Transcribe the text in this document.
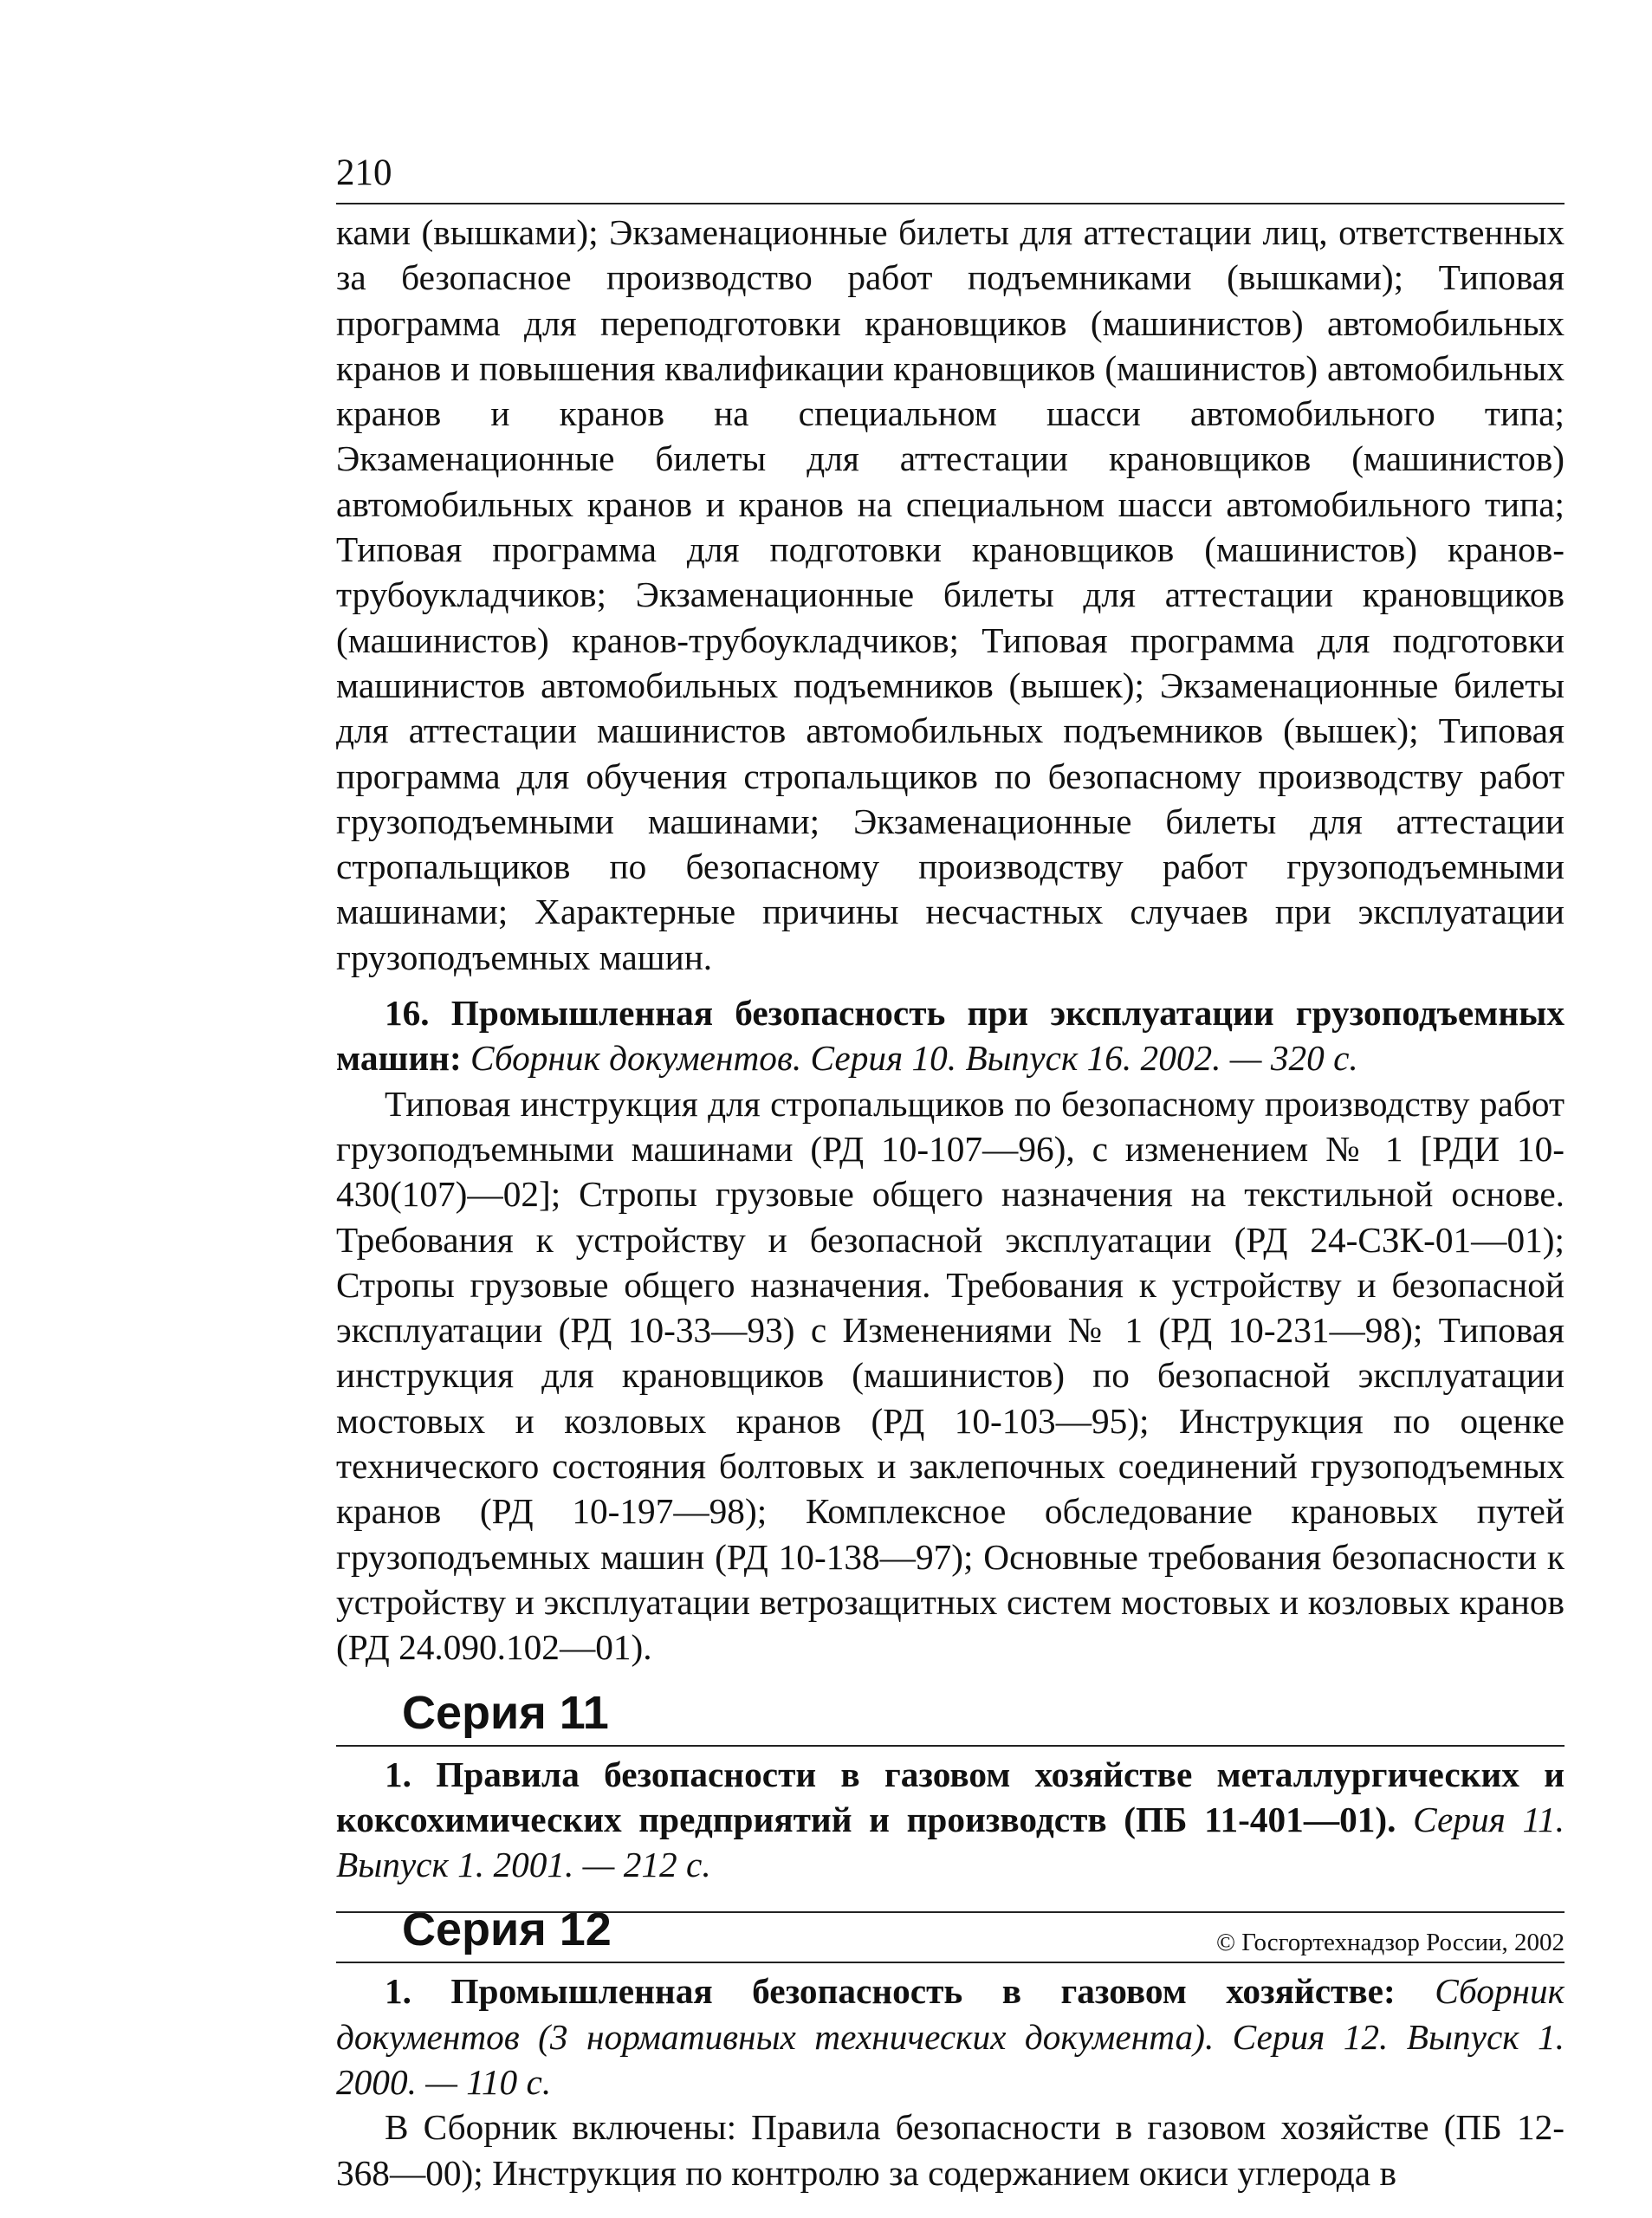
210

ками (вышками); Экзаменационные билеты для аттестации лиц, ответственных за безопасное производство работ подъемниками (вышками); Типовая программа для переподготовки крановщиков (машинистов) автомобильных кранов и повышения квалификации крановщиков (машинистов) автомобильных кранов и кранов на специальном шасси автомобильного типа; Экзаменационные билеты для аттестации крановщиков (машинистов) автомобильных кранов и кранов на специальном шасси автомобильного типа; Типовая программа для подготовки крановщиков (машинистов) кранов-трубоукладчиков; Экзаменационные билеты для аттестации крановщиков (машинистов) кранов-трубоукладчиков; Типовая программа для подготовки машинистов автомобильных подъемников (вышек); Экзаменационные билеты для аттестации машинистов автомобильных подъемников (вышек); Типовая программа для обучения стропальщиков по безопасному производству работ грузоподъемными машинами; Экзаменационные билеты для аттестации стропальщиков по безопасному производству работ грузоподъемными машинами; Характерные причины несчастных случаев при эксплуатации грузоподъемных машин.

16. Промышленная безопасность при эксплуатации грузоподъемных машин: Сборник документов. Серия 10. Выпуск 16. 2002. — 320 с.

Типовая инструкция для стропальщиков по безопасному производству работ грузоподъемными машинами (РД 10-107—96), с изменением № 1 [РДИ 10-430(107)—02]; Стропы грузовые общего назначения на текстильной основе. Требования к устройству и безопасной эксплуатации (РД 24-СЗК-01—01); Стропы грузовые общего назначения. Требования к устройству и безопасной эксплуатации (РД 10-33—93) с Изменениями № 1 (РД 10-231—98); Типовая инструкция для крановщиков (машинистов) по безопасной эксплуатации мостовых и козловых кранов (РД 10-103—95); Инструкция по оценке технического состояния болтовых и заклепочных соединений грузоподъемных кранов (РД 10-197—98); Комплексное обследование крановых путей грузоподъемных машин (РД 10-138—97); Основные требования безопасности к устройству и эксплуатации ветрозащитных систем мостовых и козловых кранов (РД 24.090.102—01).

Серия 11

1. Правила безопасности в газовом хозяйстве металлургических и коксохимических предприятий и производств (ПБ 11-401—01). Серия 11. Выпуск 1. 2001. — 212 с.

Серия 12

1. Промышленная безопасность в газовом хозяйстве: Сборник документов (3 нормативных технических документа). Серия 12. Выпуск 1. 2000. — 110 с.

В Сборник включены: Правила безопасности в газовом хозяйстве (ПБ 12-368—00); Инструкция по контролю за содержанием окиси углерода в

© Госгортехнадзор России, 2002
